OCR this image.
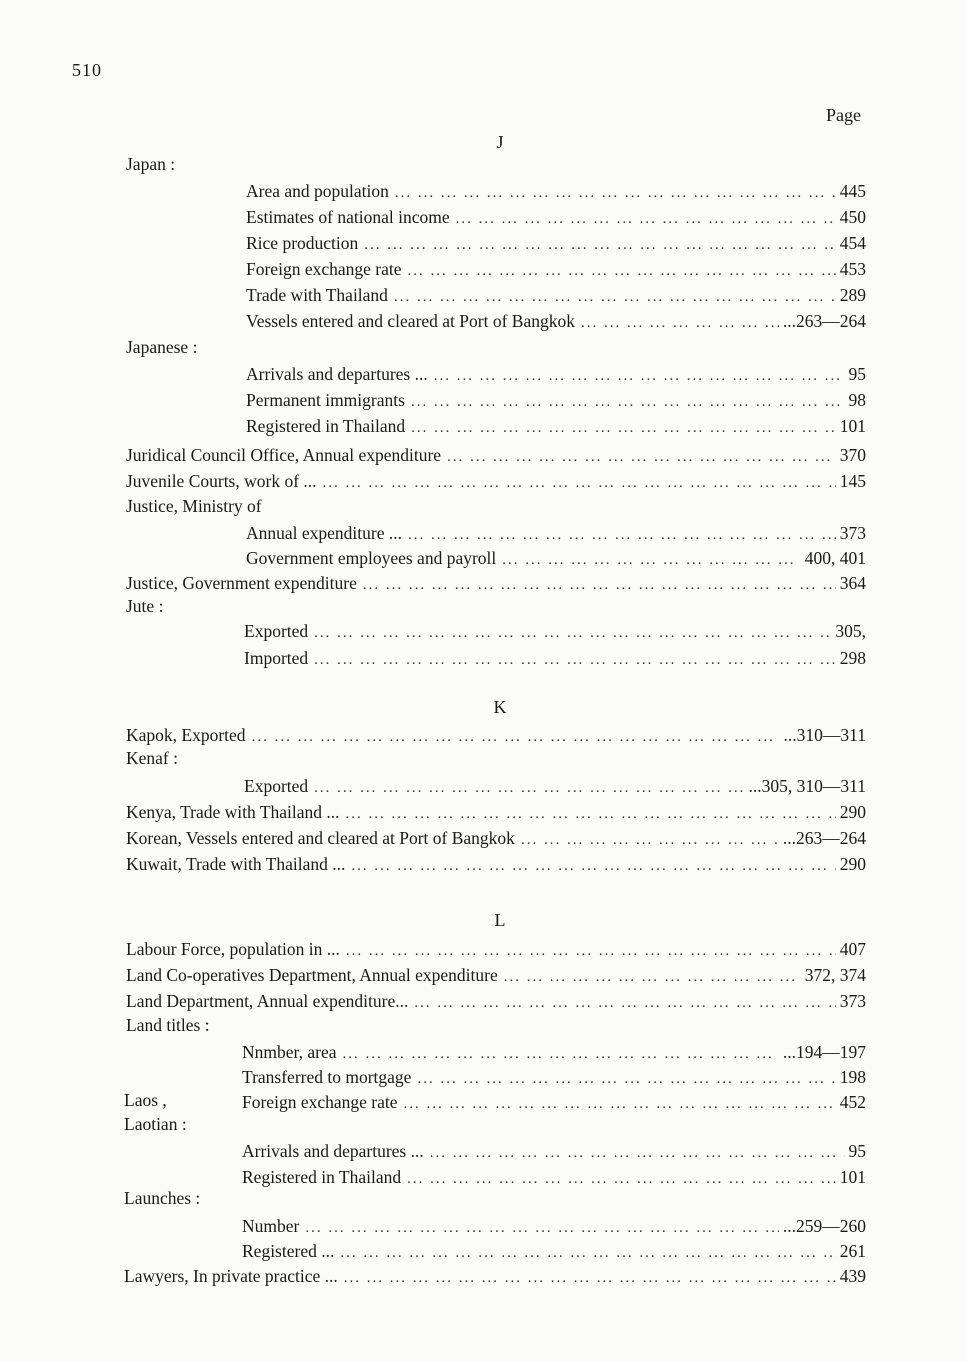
510
Page
J
Japan :
Area and population ... .	445
Estimates of national income ... .	450
Rice production ... .	454
Foreign exchange rate ... .	453
Trade with Thailand ... .	289
Vessels entered and cleared at Port of Bangkok ... .	...263—264
Japanese :
Arrivals and departures ... ... .	95
Permanent immigrants ... .	98
Registered in Thailand ... .	101
Juridical Council Office, Annual expenditure ... .	370
Juvenile Courts, work of ... ... .	145
Justice, Ministry of
Annual expenditure ... ... .	373
Government employees and payroll ... .	400, 401
Justice, Government expenditure ... .	364
Jute :
Exported ... .	305,
Imported ... .	298
K
Kapok, Exported ... .	...310—311
Kenaf :
Exported ... .	...305, 310—311
Kenya, Trade with Thailand ... ... .	290
Korean, Vessels entered and cleared at Port of Bangkok ... .	...263—264
Kuwait, Trade with Thailand ... ... .	290
L
Labour Force, population in ... ... .	407
Land Co-operatives Department, Annual expenditure ... .	372, 374
Land Department, Annual expenditure... ... .	373
Land titles :
Nnmber, area ... .	...194—197
Transferred to mortgage ... .	198
Laos ,	Foreign exchange rate ... .	452
Laotian :
Arrivals and departures ... ... .	95
Registered in Thailand ... .	101
Launches :
Number ... .	...259—260
Registered ... ... .	261
Lawyers, In private practice ... ... .	439
